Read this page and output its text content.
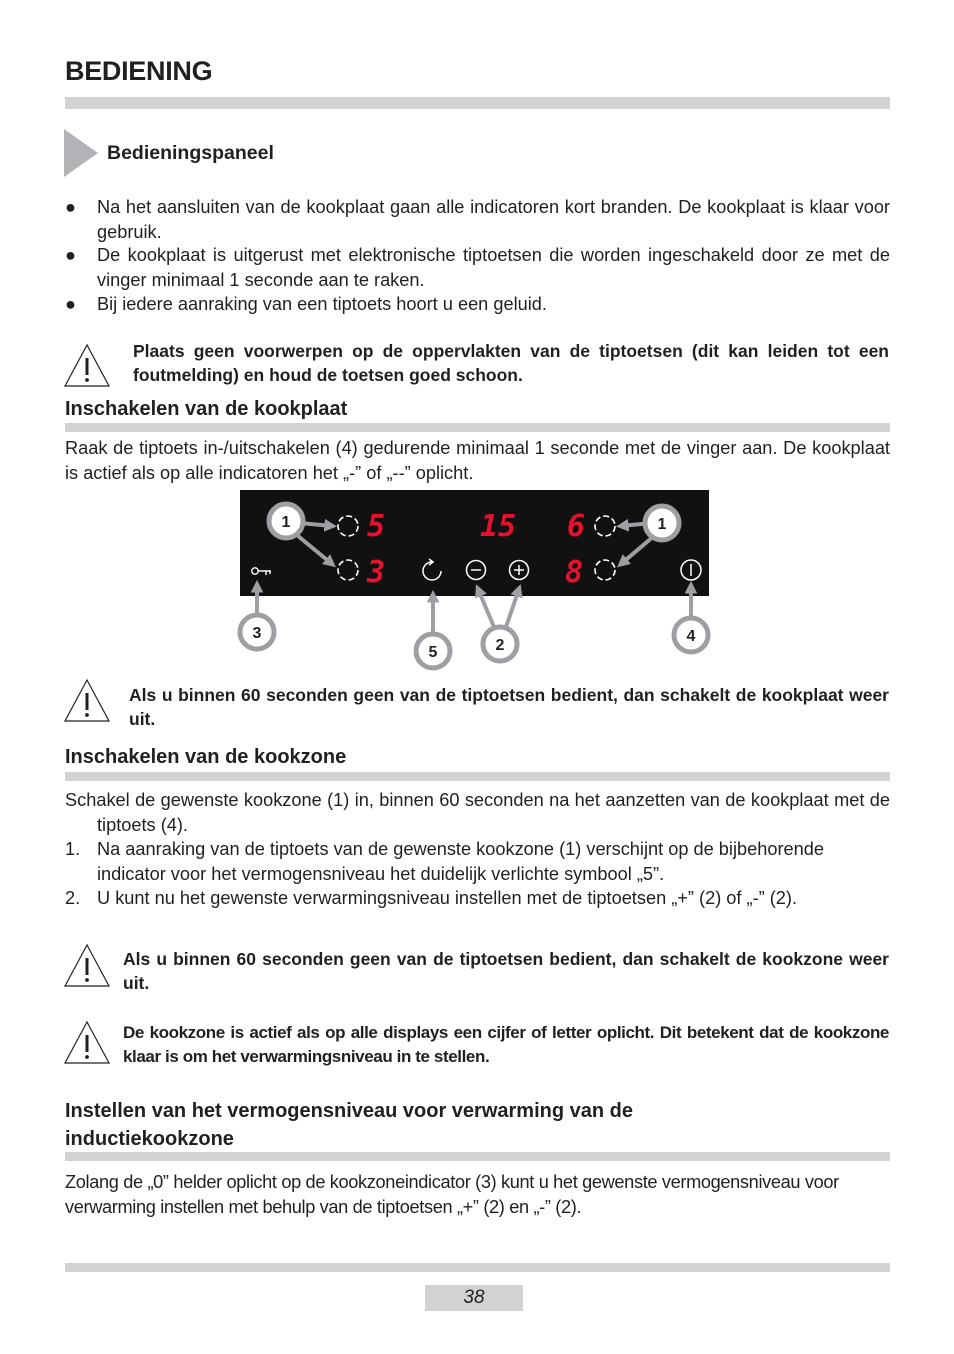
BEDIENING
Bedieningspaneel
● Na het aansluiten van de kookplaat gaan alle indicatoren kort branden. De kookplaat is klaar voor gebruik.
● De kookplaat is uitgerust met elektronische tiptoetsen die worden ingeschakeld door ze met de vinger minimaal 1 seconde aan te raken.
● Bij iedere aanraking van een tiptoets hoort u een geluid.
Plaats geen voorwerpen op de oppervlakten van de tiptoetsen (dit kan leiden tot een foutmelding) en houd de toetsen goed schoon.
Inschakelen van de kookplaat
Raak de tiptoets in-/uitschakelen (4) gedurende minimaal 1 seconde met de vinger aan. De kookplaat is actief als op alle indicatoren het „-” of „--” oplicht.
5
3
15 6
8
1	1
3
5	2
4
Als u binnen 60 seconden geen van de tiptoetsen bedient, dan schakelt de kookplaat weer uit.
Inschakelen van de kookzone
Schakel de gewenste kookzone (1) in, binnen 60 seconden na het aanzetten van de kookplaat met de tiptoets (4).
1. Na aanraking van de tiptoets van de gewenste kookzone (1) verschijnt op de bijbehorende indicator voor het vermogensniveau het duidelijk verlichte symbool „5”.
2. U kunt nu het gewenste verwarmingsniveau instellen met de tiptoetsen „+” (2) of „-” (2).
Als u binnen 60 seconden geen van de tiptoetsen bedient, dan schakelt de kookzone weer uit.
De kookzone is actief als op alle displays een cijfer of letter oplicht. Dit betekent dat de kookzone klaar is om het verwarmingsniveau in te stellen.
Instellen van het vermogensniveau voor verwarming van de
inductiekookzone
Zolang de „0” helder oplicht op de kookzoneindicator (3) kunt u het gewenste vermogensniveau voor verwarming instellen met behulp van de tiptoetsen „+” (2) en „-” (2).
38
